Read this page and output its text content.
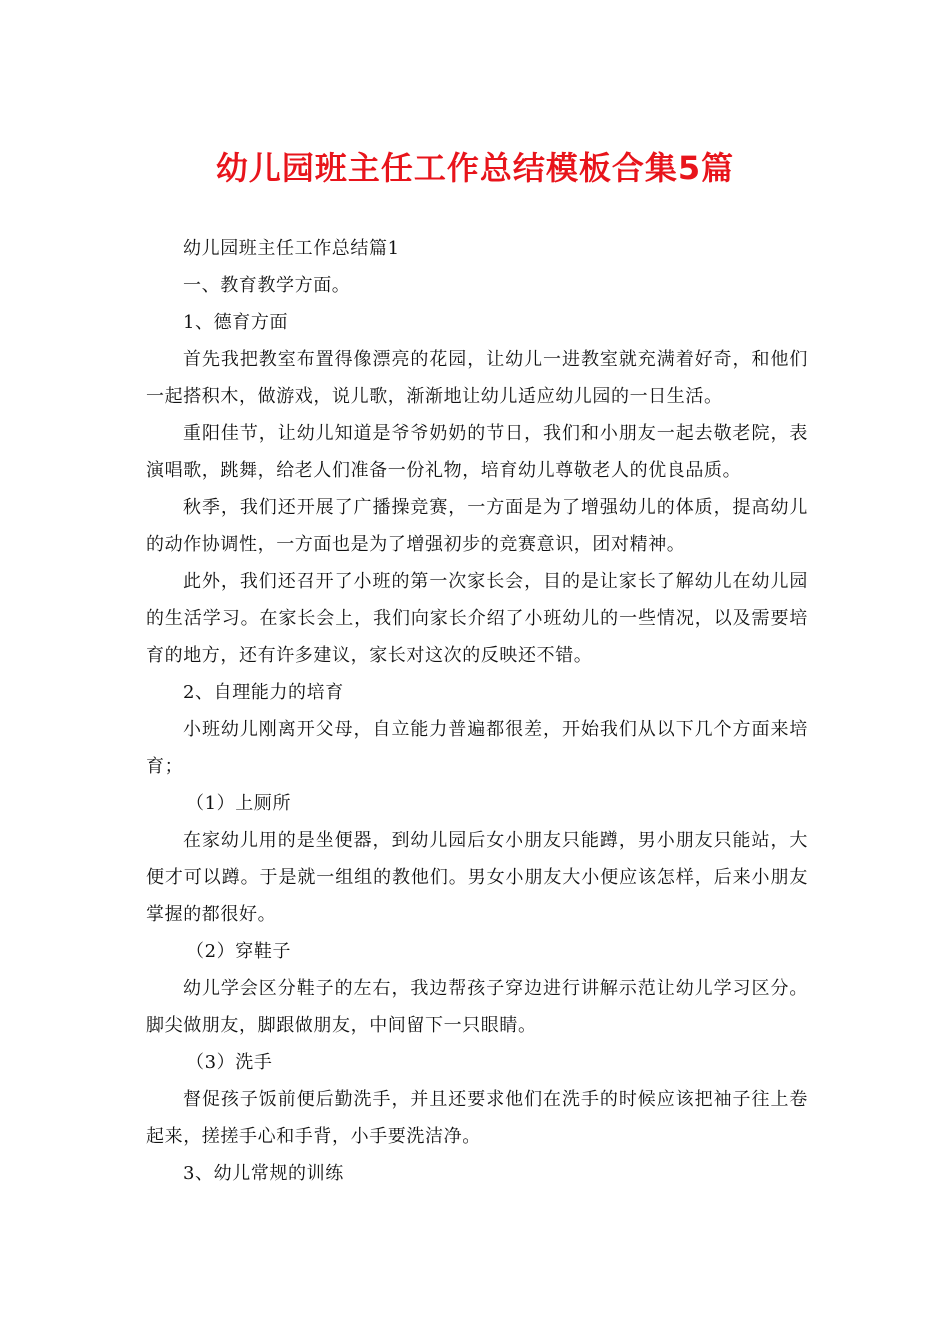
幼儿园班主任工作总结模板合集5篇

幼儿园班主任工作总结篇1

一、教育教学方面。

1、德育方面

首先我把教室布置得像漂亮的花园，让幼儿一进教室就充满着好奇，和他们一起搭积木，做游戏，说儿歌，渐渐地让幼儿适应幼儿园的一日生活。

重阳佳节，让幼儿知道是爷爷奶奶的节日，我们和小朋友一起去敬老院，表演唱歌，跳舞，给老人们准备一份礼物，培育幼儿尊敬老人的优良品质。

秋季，我们还开展了广播操竞赛，一方面是为了增强幼儿的体质，提高幼儿的动作协调性，一方面也是为了增强初步的竞赛意识，团对精神。

此外，我们还召开了小班的第一次家长会，目的是让家长了解幼儿在幼儿园的生活学习。在家长会上，我们向家长介绍了小班幼儿的一些情况，以及需要培育的地方，还有许多建议，家长对这次的反映还不错。

2、自理能力的培育

小班幼儿刚离开父母，自立能力普遍都很差，开始我们从以下几个方面来培育；

（1）上厕所

在家幼儿用的是坐便器，到幼儿园后女小朋友只能蹲，男小朋友只能站，大便才可以蹲。于是就一组组的教他们。男女小朋友大小便应该怎样，后来小朋友掌握的都很好。

（2）穿鞋子

幼儿学会区分鞋子的左右，我边帮孩子穿边进行讲解示范让幼儿学习区分。脚尖做朋友，脚跟做朋友，中间留下一只眼睛。

（3）洗手

督促孩子饭前便后勤洗手，并且还要求他们在洗手的时候应该把袖子往上卷起来，搓搓手心和手背，小手要洗洁净。

3、幼儿常规的训练
